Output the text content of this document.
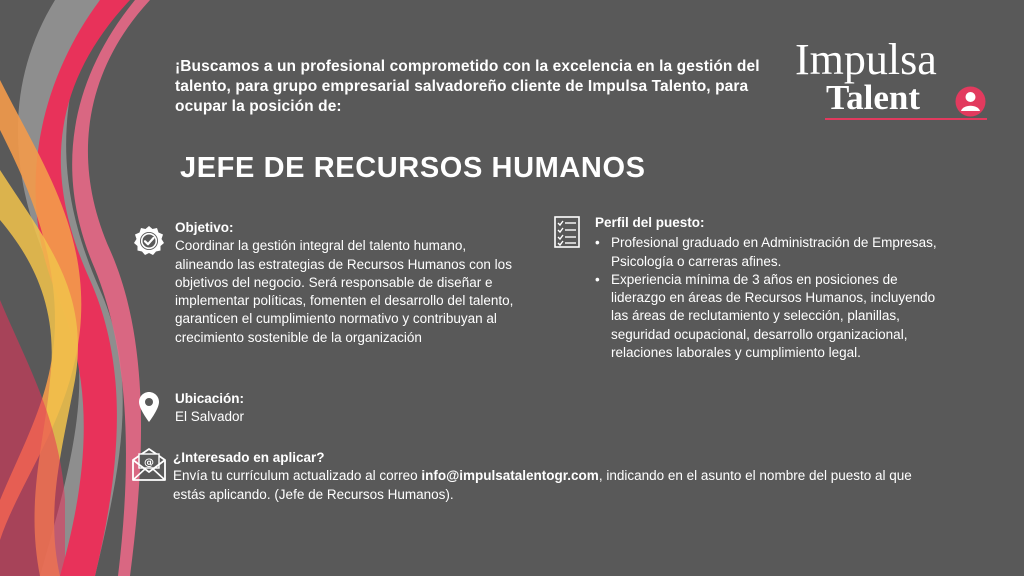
¡Buscamos a un profesional comprometido con la excelencia en la gestión del talento, para grupo empresarial salvadoreño cliente de Impulsa Talento, para ocupar la posición de:
JEFE DE RECURSOS HUMANOS
Impulsa
Talent
Objetivo:
Coordinar la gestión integral del talento humano, alineando las estrategias de Recursos Humanos con los objetivos del negocio. Será responsable de diseñar e implementar políticas, fomenten el desarrollo del talento, garanticen el cumplimiento normativo y contribuyan al crecimiento sostenible de la organización
Ubicación:
El Salvador
Perfil del puesto:
• Profesional graduado en Administración de Empresas, Psicología o carreras afines.
• Experiencia mínima de 3 años en posiciones de liderazgo en áreas de Recursos Humanos, incluyendo las áreas de reclutamiento y selección, planillas, seguridad ocupacional, desarrollo organizacional, relaciones laborales y cumplimiento legal.
@ ¿Interesado en aplicar?
Envía tu currículum actualizado al correo info@impulsatalentogr.com, indicando en el asunto el nombre del puesto al que estás aplicando. (Jefe de Recursos Humanos).
